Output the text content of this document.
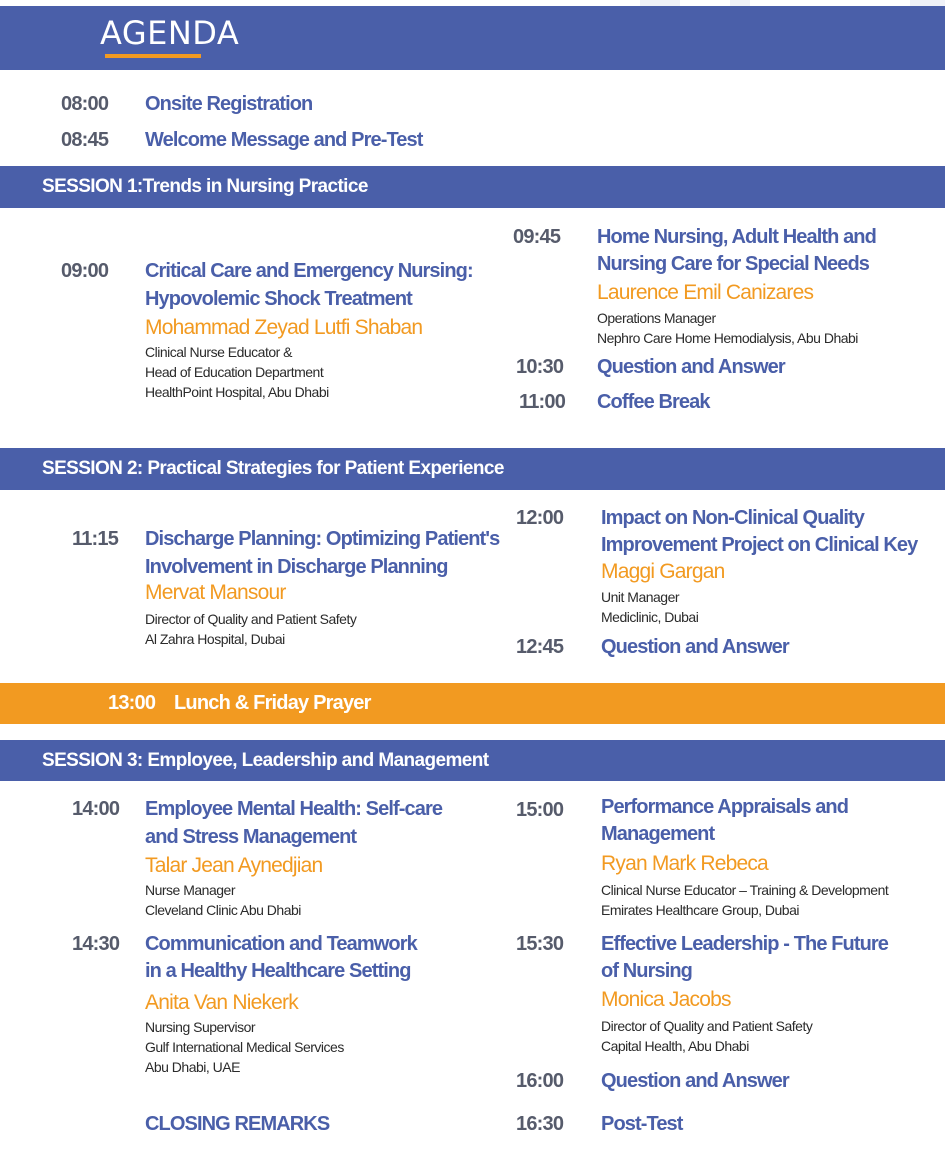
AGENDA
08:00 Onsite Registration
08:45 Welcome Message and Pre-Test
SESSION 1:Trends in Nursing Practice
09:00 Critical Care and Emergency Nursing:
Hypovolemic Shock Treatment
Mohammad Zeyad Lutfi Shaban
Clinical Nurse Educator &
Head of Education Department
HealthPoint Hospital, Abu Dhabi
09:45 Home Nursing, Adult Health and
Nursing Care for Special Needs
Laurence Emil Canizares
Operations Manager
Nephro Care Home Hemodialysis, Abu Dhabi
10:30 Question and Answer
11:00 Coffee Break
SESSION 2: Practical Strategies for Patient Experience
11:15 Discharge Planning: Optimizing Patient's
Involvement in Discharge Planning
Mervat Mansour
Director of Quality and Patient Safety
Al Zahra Hospital, Dubai
12:00 Impact on Non-Clinical Quality
Improvement Project on Clinical Key
Maggi Gargan
Unit Manager
Mediclinic, Dubai
12:45 Question and Answer
13:00 Lunch & Friday Prayer
SESSION 3: Employee, Leadership and Management
14:00 Employee Mental Health: Self-care
and Stress Management
Talar Jean Aynedjian
Nurse Manager
Cleveland Clinic Abu Dhabi
14:30 Communication and Teamwork
in a Healthy Healthcare Setting
Anita Van Niekerk
Nursing Supervisor
Gulf International Medical Services
Abu Dhabi, UAE
CLOSING REMARKS
15:00 Performance Appraisals and
Management
Ryan Mark Rebeca
Clinical Nurse Educator – Training & Development
Emirates Healthcare Group, Dubai
15:30 Effective Leadership - The Future
of Nursing
Monica Jacobs
Director of Quality and Patient Safety
Capital Health, Abu Dhabi
16:00 Question and Answer
16:30 Post-Test
